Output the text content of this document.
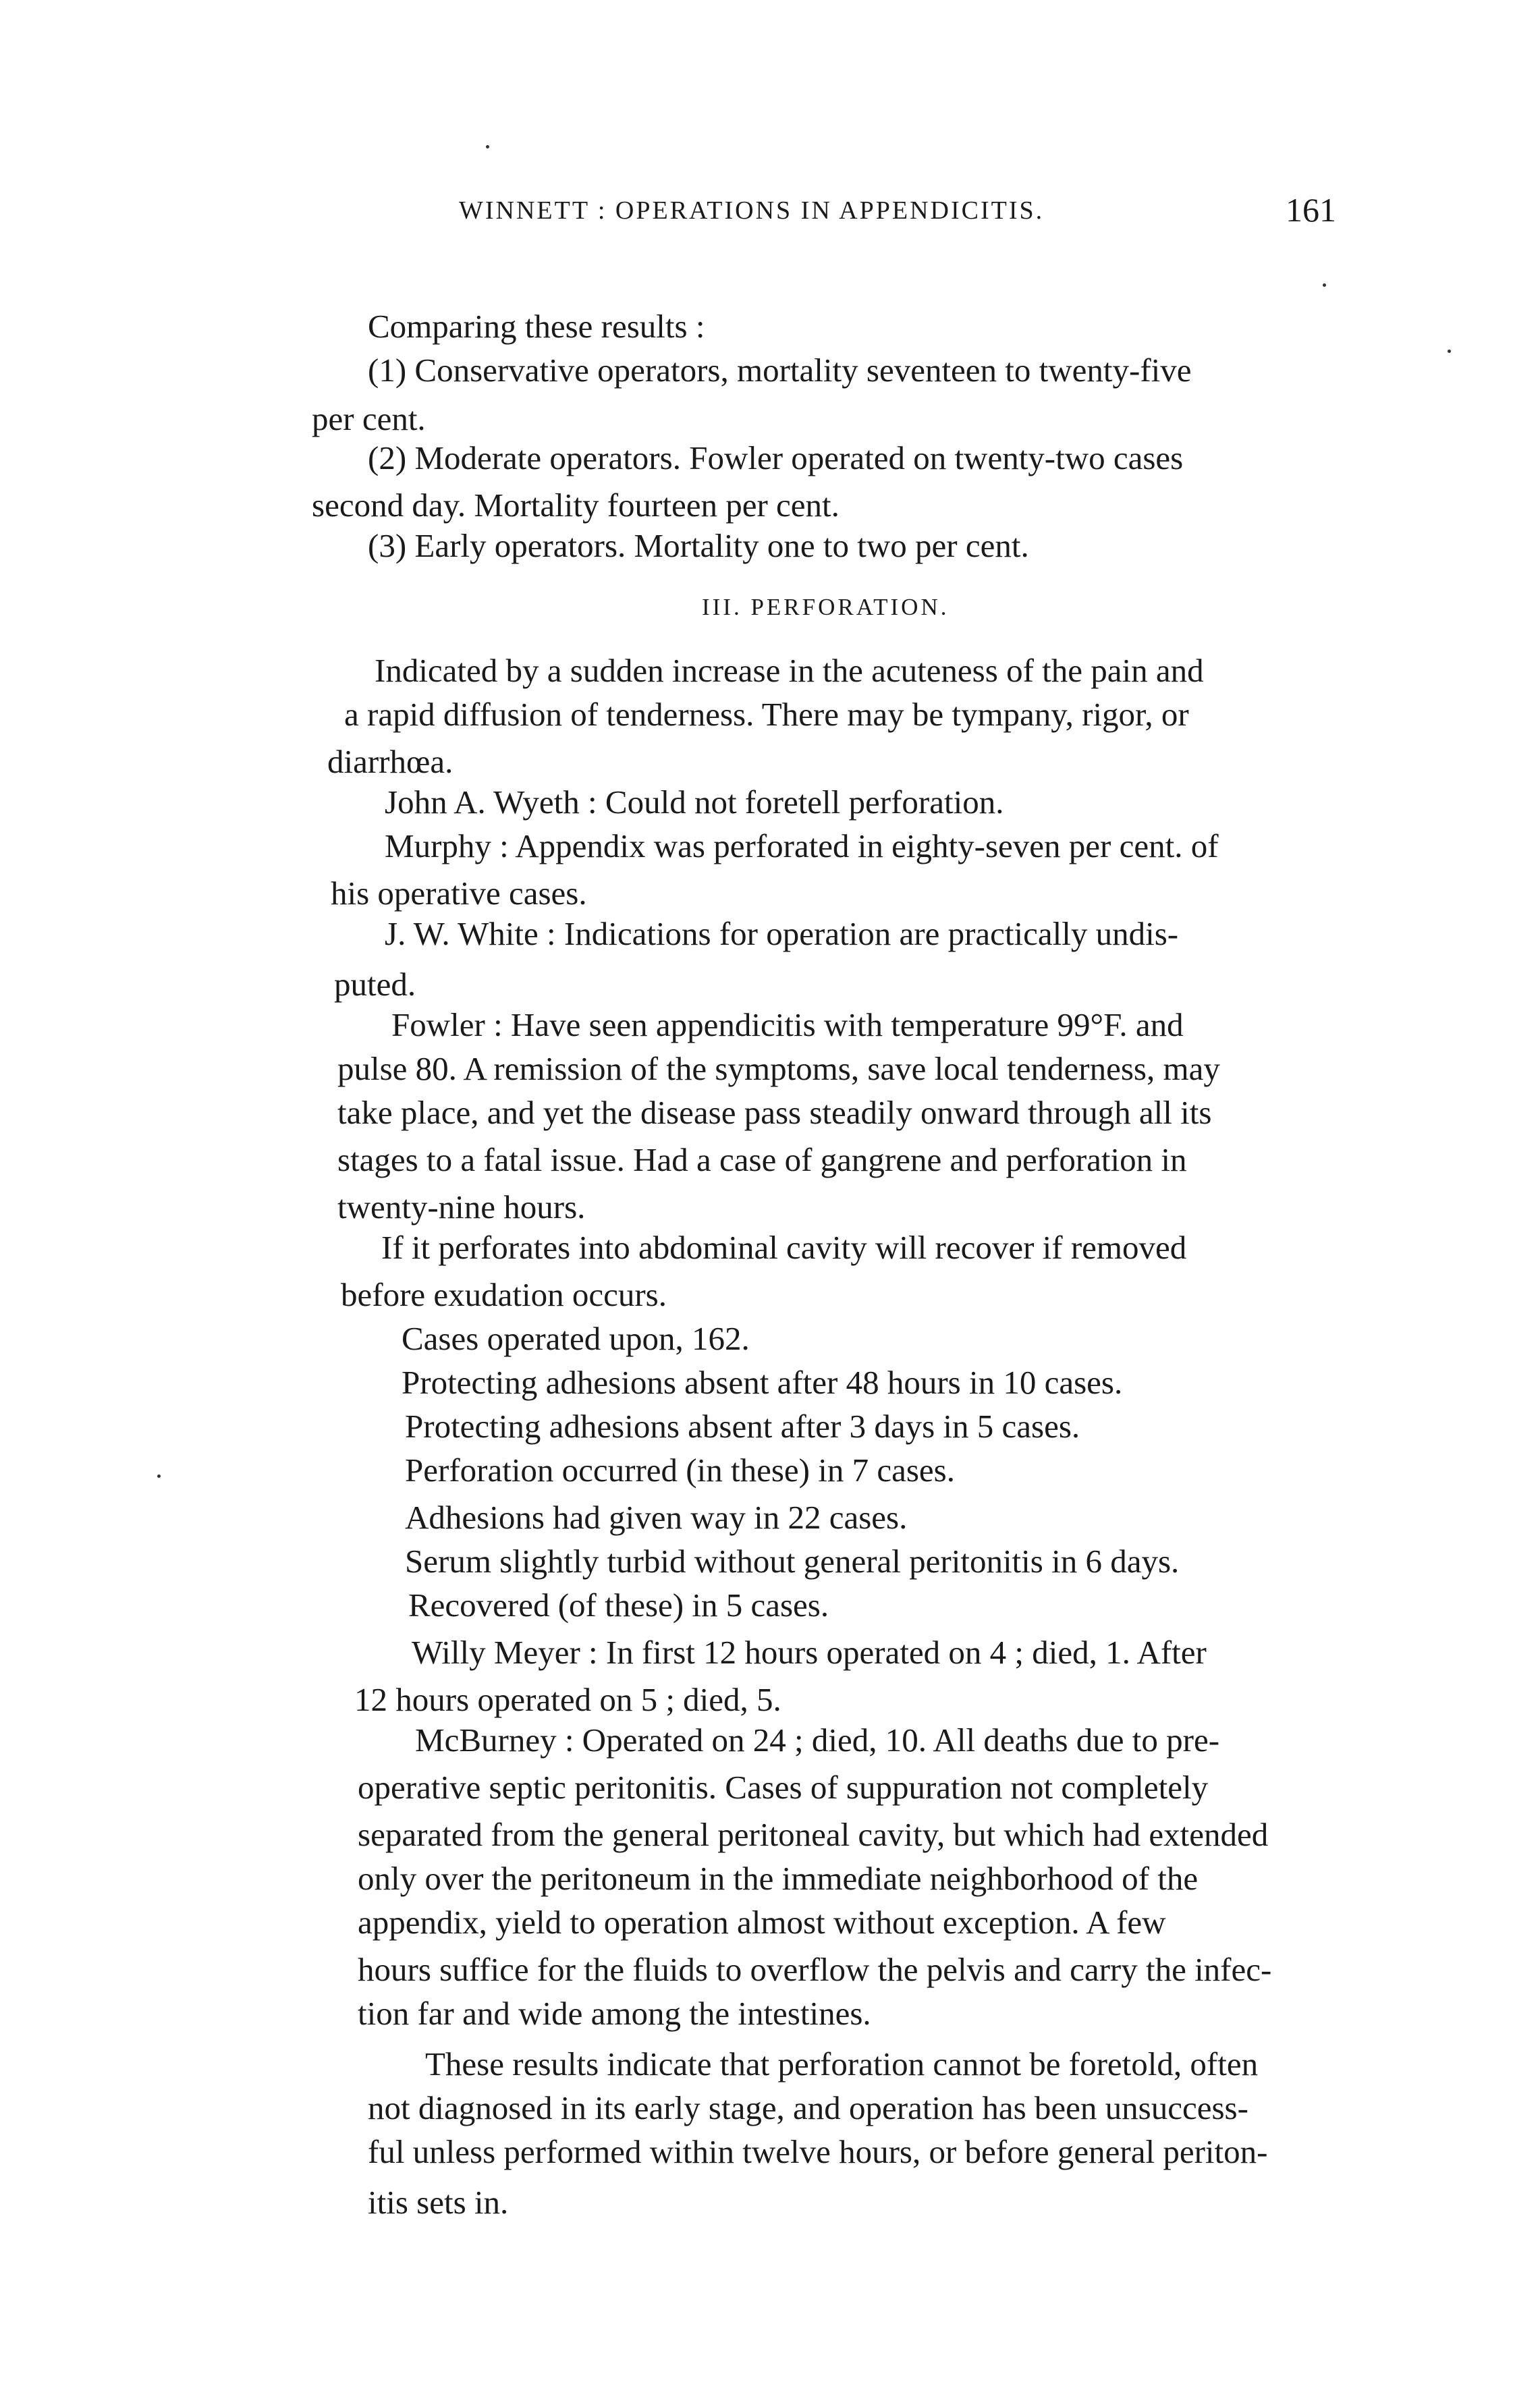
WINNETT : OPERATIONS IN APPENDICITIS.	161
Comparing these results :
(1) Conservative operators, mortality seventeen to twenty-five
per cent.
(2) Moderate operators. Fowler operated on twenty-two cases
second day. Mortality fourteen per cent.
(3) Early operators. Mortality one to two per cent.
III. PERFORATION.
Indicated by a sudden increase in the acuteness of the pain and
a rapid diffusion of tenderness. There may be tympany, rigor, or
diarrhœa.
John A. Wyeth : Could not foretell perforation.
Murphy : Appendix was perforated in eighty-seven per cent. of
his operative cases.
J. W. White : Indications for operation are practically undis-
puted.
Fowler : Have seen appendicitis with temperature 99°F. and
pulse 80. A remission of the symptoms, save local tenderness, may
take place, and yet the disease pass steadily onward through all its
stages to a fatal issue. Had a case of gangrene and perforation in
twenty-nine hours.
If it perforates into abdominal cavity will recover if removed
before exudation occurs.
Cases operated upon, 162.
Protecting adhesions absent after 48 hours in 10 cases.
Protecting adhesions absent after 3 days in 5 cases.
Perforation occurred (in these) in 7 cases.
Adhesions had given way in 22 cases.
Serum slightly turbid without general peritonitis in 6 days.
Recovered (of these) in 5 cases.
Willy Meyer : In first 12 hours operated on 4 ; died, 1. After
12 hours operated on 5 ; died, 5.
McBurney : Operated on 24 ; died, 10. All deaths due to pre-
operative septic peritonitis. Cases of suppuration not completely
separated from the general peritoneal cavity, but which had extended
only over the peritoneum in the immediate neighborhood of the
appendix, yield to operation almost without exception. A few
hours suffice for the fluids to overflow the pelvis and carry the infec-
tion far and wide among the intestines.
These results indicate that perforation cannot be foretold, often
not diagnosed in its early stage, and operation has been unsuccess-
ful unless performed within twelve hours, or before general periton-
itis sets in.
